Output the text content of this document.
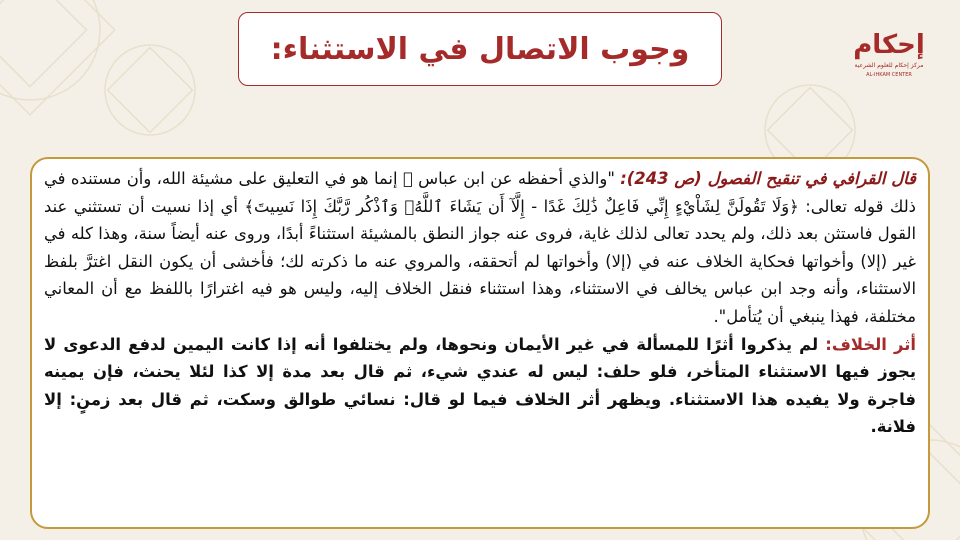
وجوب الاتصال في الاستثناء:	إحكام
مركز إحكام للعلوم الشرعية
AL-IHKAM CENTER

قال القرافي في تنقيح الفصول (ص 243): "والذي أحفظه عن ابن عباس ﷺ إنما هو في التعليق على مشيئة الله، وأن مستنده في ذلك قوله تعالى: ﴿وَلَا تَقُولَنَّ لِشَاْيْءٍ إِنِّي فَاعِلٌ ذَٰلِكَ غَدًا - إِلَّآ أَن يَشَاءَ ٱللَّهُۚ وَٱذْكُر رَّبَّكَ إِذَا نَسِيتَ﴾ أي إذا نسيت أن تستثني عند القول فاستثن بعد ذلك، ولم يحدد تعالى لذلك غاية، فروى عنه جواز النطق بالمشيئة استثناءً أبدًا، وروى عنه أيضاً سنة، وهذا كله في غير (إلا) وأخواتها فحكاية الخلاف عنه في (إلا) وأخواتها لم أتحققه، والمروي عنه ما ذكرته لك؛ فأخشى أن يكون النقل اغترَّ بلفظ الاستثناء، وأنه وجد ابن عباس يخالف في الاستثناء، وهذا استثناء فنقل الخلاف إليه، وليس هو فيه اغترارًا باللفظ مع أن المعاني مختلفة، فهذا ينبغي أن يُتأمل".

أثر الخلاف: لم يذكروا أثرًا للمسألة في غير الأيمان ونحوها، ولم يختلفوا أنه إذا كانت اليمين لدفع الدعوى لا يجوز فيها الاستثناء المتأخر، فلو حلف: ليس له عندي شيء، ثم قال بعد مدة إلا كذا لئلا يحنث، فإن يمينه فاجرة ولا يفيده هذا الاستثناء. ويظهر أثر الخلاف فيما لو قال: نسائي طوالق وسكت، ثم قال بعد زمنٍ: إلا فلانة.
